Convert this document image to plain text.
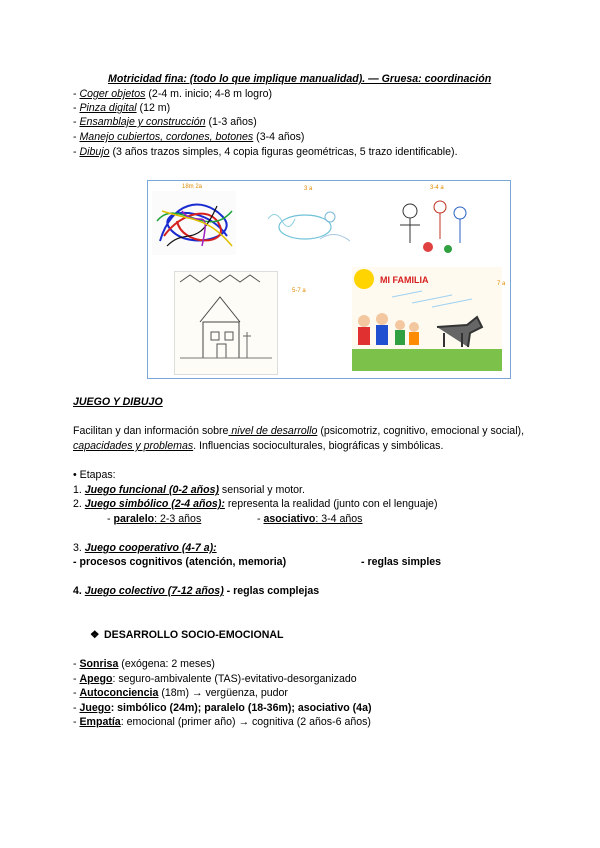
Motricidad fina: (todo lo que implique manualidad). — Gruesa: coordinación
- Coger objetos (2-4 m. inicio; 4-8 m logro)
- Pinza digital (12 m)
- Ensamblaje y construcción (1-3 años)
- Manejo cubiertos, cordones, botones (3-4 años)
- Dibujo (3 años trazos simples, 4 copia figuras geométricas, 5 trazo identificable).
18m 2a	3 a	3-4 a
5-7 a
MI FAMILIA	7 a
JUEGO Y DIBUJO
Facilitan y dan información sobre nivel de desarrollo (psicomotriz, cognitivo, emocional y social),
capacidades y problemas. Influencias socioculturales, biográficas y simbólicas.
• Etapas:
1. Juego funcional (0-2 años) sensorial y motor.
2. Juego simbólico (2-4 años): representa la realidad (junto con el lenguaje)
- paralelo: 2-3 años	- asociativo: 3-4 años
3. Juego cooperativo (4-7 a):
- procesos cognitivos (atención, memoria)	- reglas simples
4. Juego colectivo (7-12 años) - reglas complejas
❖ DESARROLLO SOCIO-EMOCIONAL
- Sonrisa (exógena: 2 meses)
- Apego: seguro-ambivalente (TAS)-evitativo-desorganizado
- Autoconciencia (18m) → vergüenza, pudor
- Juego: simbólico (24m); paralelo (18-36m); asociativo (4a)
- Empatía: emocional (primer año) → cognitiva (2 años-6 años)
